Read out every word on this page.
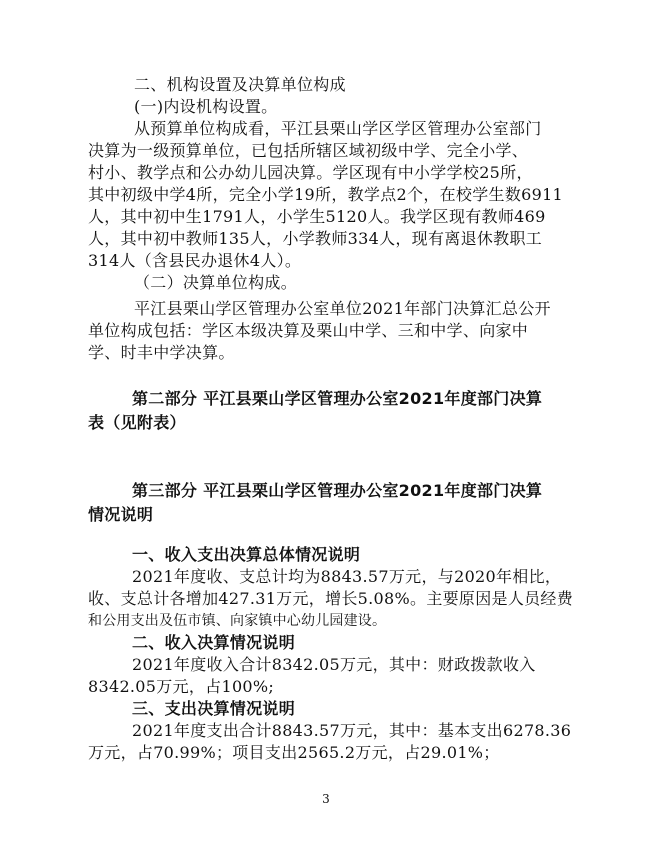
二、机构设置及决算单位构成
(一)内设机构设置。
从预算单位构成看，平江县栗山学区学区管理办公室部门
决算为一级预算单位，已包括所辖区域初级中学、完全小学、
村小、教学点和公办幼儿园决算。学区现有中小学学校25所，
其中初级中学4所，完全小学19所，教学点2个，在校学生数6911
人，其中初中生1791人，小学生5120人。我学区现有教师469
人，其中初中教师135人，小学教师334人，现有离退休教职工
314人（含县民办退休4人）。
（二）决算单位构成。
平江县栗山学区管理办公室单位2021年部门决算汇总公开
单位构成包括：学区本级决算及栗山中学、三和中学、向家中
学、时丰中学决算。
第二部分 平江县栗山学区管理办公室2021年度部门决算
表（见附表）
第三部分 平江县栗山学区管理办公室2021年度部门决算
情况说明
一、收入支出决算总体情况说明
2021年度收、支总计均为8843.57万元，与2020年相比，
收、支总计各增加427.31万元，增长5.08%。主要原因是人员经费
和公用支出及伍市镇、向家镇中心幼儿园建设。
二、收入决算情况说明
2021年度收入合计8342.05万元，其中：财政拨款收入
8342.05万元，占100%;
三、支出决算情况说明
2021年度支出合计8843.57万元，其中：基本支出6278.36
万元，占70.99%；项目支出2565.2万元，占29.01%；
3
